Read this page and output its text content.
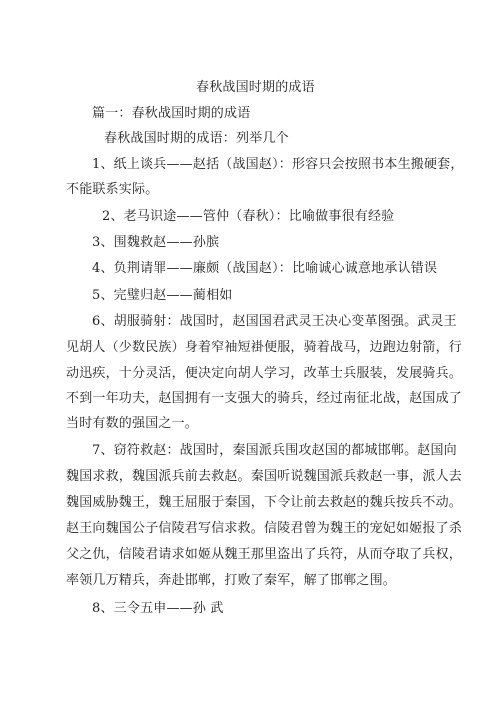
春秋战国时期的成语
篇一：春秋战国时期的成语
春秋战国时期的成语：列举几个
1、纸上谈兵——赵括（战国赵）：形容只会按照书本生搬硬套，
不能联系实际。
2、老马识途——管仲（春秋）：比喻做事很有经验
3、围魏救赵——孙膑
4、负荆请罪——廉颇（战国赵）：比喻诚心诚意地承认错误
5、完璧归赵——蔺相如
6、胡服骑射：战国时，赵国国君武灵王决心变革图强。武灵王
见胡人（少数民族）身着窄袖短褂便服，骑着战马，边跑边射箭，行
动迅疾，十分灵活，便决定向胡人学习，改革士兵服装，发展骑兵。
不到一年功夫，赵国拥有一支强大的骑兵，经过南征北战，赵国成了
当时有数的强国之一。
7、窃符救赵：战国时，秦国派兵围攻赵国的都城邯郸。赵国向
魏国求救，魏国派兵前去救赵。秦国听说魏国派兵救赵一事，派人去
魏国威胁魏王，魏王屈服于秦国，下令让前去救赵的魏兵按兵不动。
赵王向魏国公子信陵君写信求救。信陵君曾为魏王的宠妃如姬报了杀
父之仇，信陵君请求如姬从魏王那里盗出了兵符，从而夺取了兵权，
率领几万精兵，奔赴邯郸，打败了秦军，解了邯郸之围。
8、三令五申——孙 武
